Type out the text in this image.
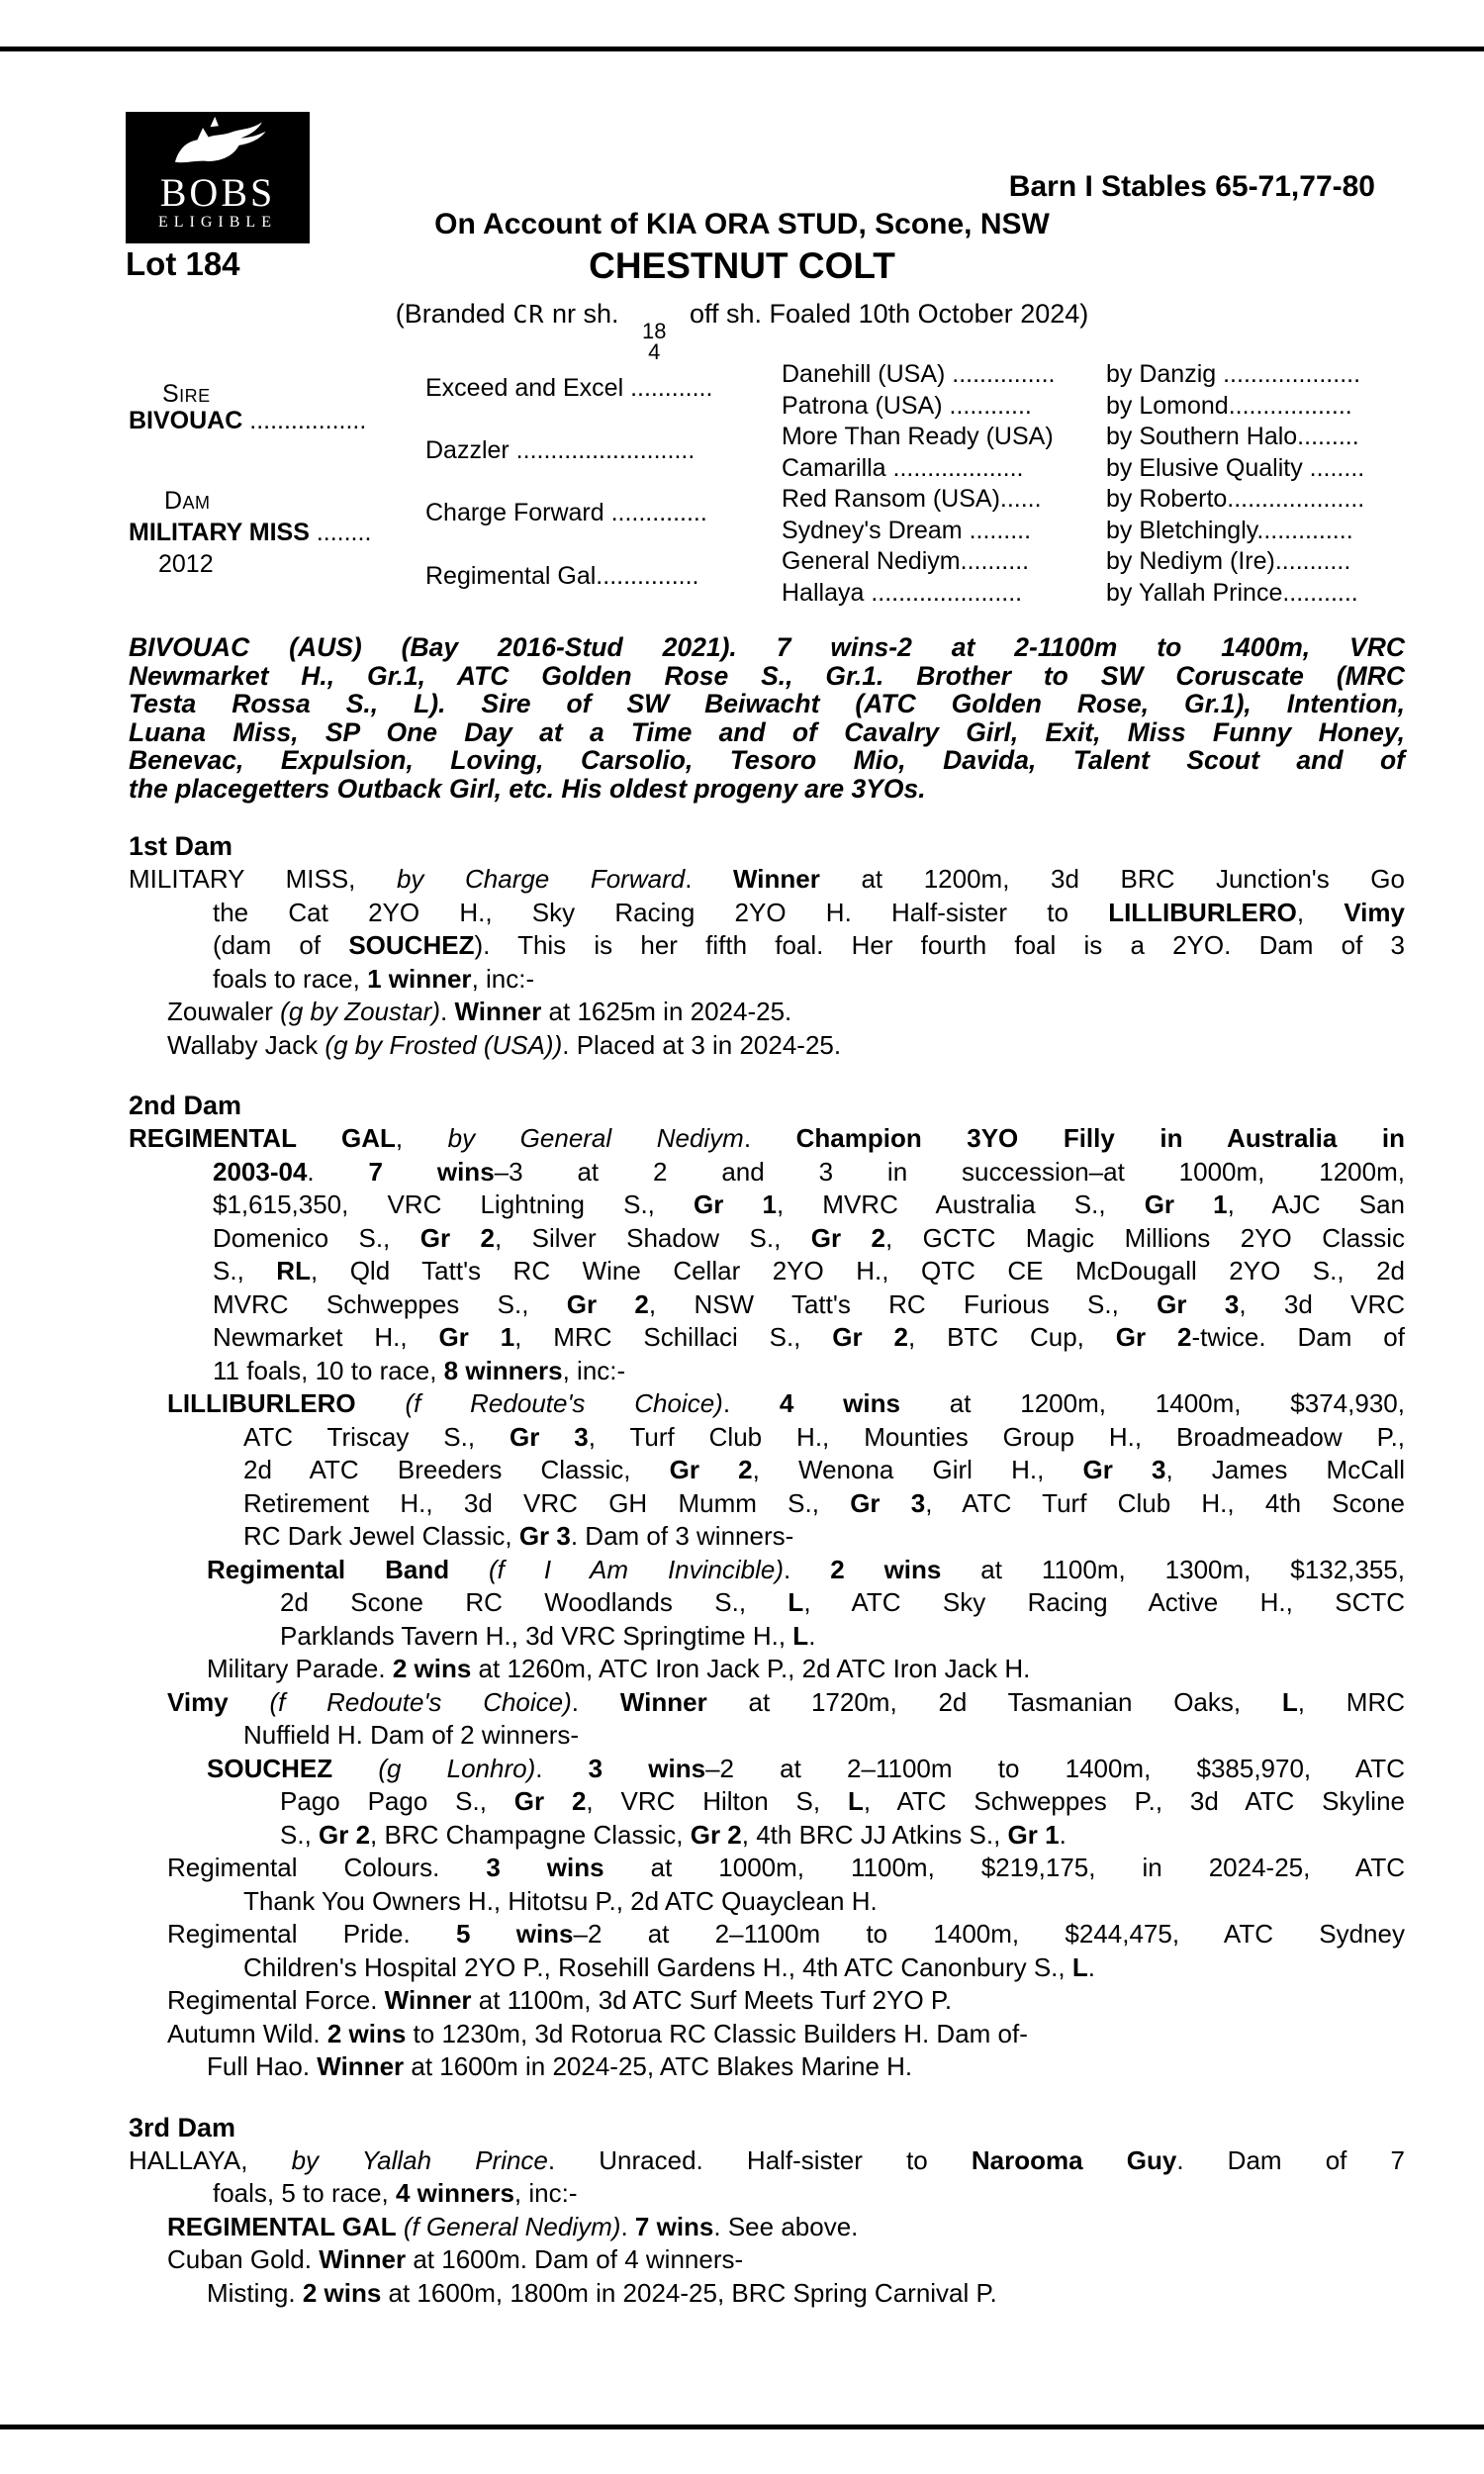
BOBS
ELIGIBLE
Lot 184
Barn I Stables 65-71,77-80
On Account of KIA ORA STUD, Scone, NSW
CHESTNUT COLT
(Branded CR nr sh.
18
4
off sh. Foaled 10th October 2024)
Sire
BIVOUAC .................
Dam
MILITARY MISS ........
2012
Exceed and Excel ............
Dazzler ..........................
Charge Forward ..............
Regimental Gal...............
Danehill (USA) ...............
Patrona (USA) ............
More Than Ready (USA)
Camarilla ...................
Red Ransom (USA)......
Sydney's Dream .........
General Nediym..........
Hallaya ......................
by Danzig ....................
by Lomond..................
by Southern Halo.........
by Elusive Quality ........
by Roberto....................
by Bletchingly..............
by Nediym (Ire)...........
by Yallah Prince...........
BIVOUAC (AUS) (Bay 2016-Stud 2021). 7 wins-2 at 2-1100m to 1400m, VRC
Newmarket H., Gr.1, ATC Golden Rose S., Gr.1. Brother to SW Coruscate (MRC
Testa Rossa S., L). Sire of SW Beiwacht (ATC Golden Rose, Gr.1), Intention,
Luana Miss, SP One Day at a Time and of Cavalry Girl, Exit, Miss Funny Honey,
Benevac, Expulsion, Loving, Carsolio, Tesoro Mio, Davida, Talent Scout and of
the placegetters Outback Girl, etc. His oldest progeny are 3YOs.
1st Dam
MILITARY MISS, by Charge Forward. Winner at 1200m, 3d BRC Junction's Go
the Cat 2YO H., Sky Racing 2YO H. Half-sister to LILLIBURLERO, Vimy
(dam of SOUCHEZ). This is her fifth foal. Her fourth foal is a 2YO. Dam of 3
foals to race, 1 winner, inc:-
Zouwaler (g by Zoustar). Winner at 1625m in 2024-25.
Wallaby Jack (g by Frosted (USA)). Placed at 3 in 2024-25.
2nd Dam
REGIMENTAL GAL, by General Nediym. Champion 3YO Filly in Australia in
2003-04. 7 wins–3 at 2 and 3 in succession–at 1000m, 1200m,
$1,615,350, VRC Lightning S., Gr 1, MVRC Australia S., Gr 1, AJC San
Domenico S., Gr 2, Silver Shadow S., Gr 2, GCTC Magic Millions 2YO Classic
S., RL, Qld Tatt's RC Wine Cellar 2YO H., QTC CE McDougall 2YO S., 2d
MVRC Schweppes S., Gr 2, NSW Tatt's RC Furious S., Gr 3, 3d VRC
Newmarket H., Gr 1, MRC Schillaci S., Gr 2, BTC Cup, Gr 2-twice. Dam of
11 foals, 10 to race, 8 winners, inc:-
LILLIBURLERO (f Redoute's Choice). 4 wins at 1200m, 1400m, $374,930,
ATC Triscay S., Gr 3, Turf Club H., Mounties Group H., Broadmeadow P.,
2d ATC Breeders Classic, Gr 2, Wenona Girl H., Gr 3, James McCall
Retirement H., 3d VRC GH Mumm S., Gr 3, ATC Turf Club H., 4th Scone
RC Dark Jewel Classic, Gr 3. Dam of 3 winners-
Regimental Band (f I Am Invincible). 2 wins at 1100m, 1300m, $132,355,
2d Scone RC Woodlands S., L, ATC Sky Racing Active H., SCTC
Parklands Tavern H., 3d VRC Springtime H., L.
Military Parade. 2 wins at 1260m, ATC Iron Jack P., 2d ATC Iron Jack H.
Vimy (f Redoute's Choice). Winner at 1720m, 2d Tasmanian Oaks, L, MRC
Nuffield H. Dam of 2 winners-
SOUCHEZ (g Lonhro). 3 wins–2 at 2–1100m to 1400m, $385,970, ATC
Pago Pago S., Gr 2, VRC Hilton S, L, ATC Schweppes P., 3d ATC Skyline
S., Gr 2, BRC Champagne Classic, Gr 2, 4th BRC JJ Atkins S., Gr 1.
Regimental Colours. 3 wins at 1000m, 1100m, $219,175, in 2024-25, ATC
Thank You Owners H., Hitotsu P., 2d ATC Quayclean H.
Regimental Pride. 5 wins–2 at 2–1100m to 1400m, $244,475, ATC Sydney
Children's Hospital 2YO P., Rosehill Gardens H., 4th ATC Canonbury S., L.
Regimental Force. Winner at 1100m, 3d ATC Surf Meets Turf 2YO P.
Autumn Wild. 2 wins to 1230m, 3d Rotorua RC Classic Builders H. Dam of-
Full Hao. Winner at 1600m in 2024-25, ATC Blakes Marine H.
3rd Dam
HALLAYA, by Yallah Prince. Unraced. Half-sister to Narooma Guy. Dam of 7
foals, 5 to race, 4 winners, inc:-
REGIMENTAL GAL (f General Nediym). 7 wins. See above.
Cuban Gold. Winner at 1600m. Dam of 4 winners-
Misting. 2 wins at 1600m, 1800m in 2024-25, BRC Spring Carnival P.
